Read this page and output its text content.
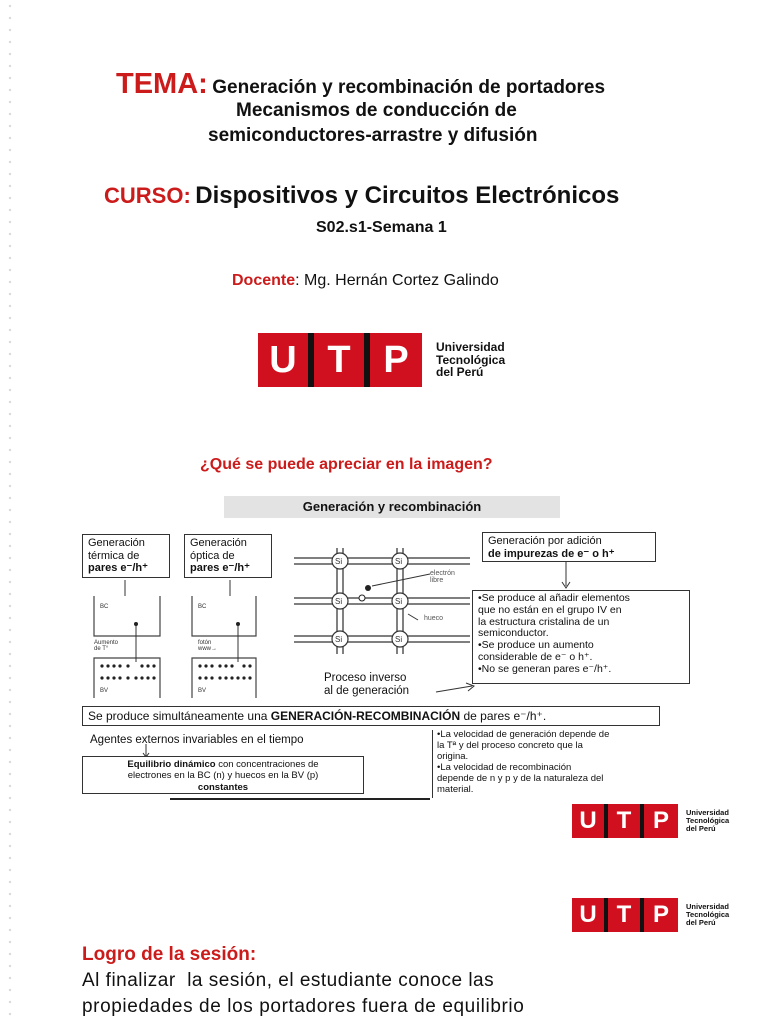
TEMA: Generación y recombinación de portadores
Mecanismos de conducción de
semiconductores-arrastre y difusión
CURSO: Dispositivos y Circuitos Electrónicos
S02.s1-Semana 1
Docente: Mg. Hernán Cortez Galindo
U T P	Universidad
Tecnológica
del Perú
¿Qué se puede apreciar en la imagen?
Generación y recombinación
Generación
térmica de
pares e⁻/h⁺
Generación
óptica de
pares e⁻/h⁺
BC
BV
BC
BV
Aumento
de T°
fotón
ᴡᴡᴡ→
Si	Si
Si	Si
Si	Si
electrón
libre
hueco
Generación por adición
de impurezas de e⁻ o h⁺
•Se produce al añadir elementos
que no están en el grupo IV en
la estructura cristalina de un
semiconductor.
•Se produce un aumento
considerable de e⁻ o h⁺.
•No se generan pares e⁻/h⁺.
Proceso inverso
al de generación
Se produce simultáneamente una GENERACIÓN-RECOMBINACIÓN de pares e⁻/h⁺.
Agentes externos invariables en el tiempo
Equilibrio dinámico con concentraciones de
electrones en la BC (n) y huecos en la BV (p)
constantes
•La velocidad de generación depende de
la Tª y del proceso concreto que la
origina.
•La velocidad de recombinación
depende de n y p y de la naturaleza del
material.
U T P	Universidad
Tecnológica
del Perú
U T P	Universidad
Tecnológica
del Perú
Logro de la sesión:
Al finalizar  la sesión, el estudiante conoce las
propiedades de los portadores fuera de equilibrio
